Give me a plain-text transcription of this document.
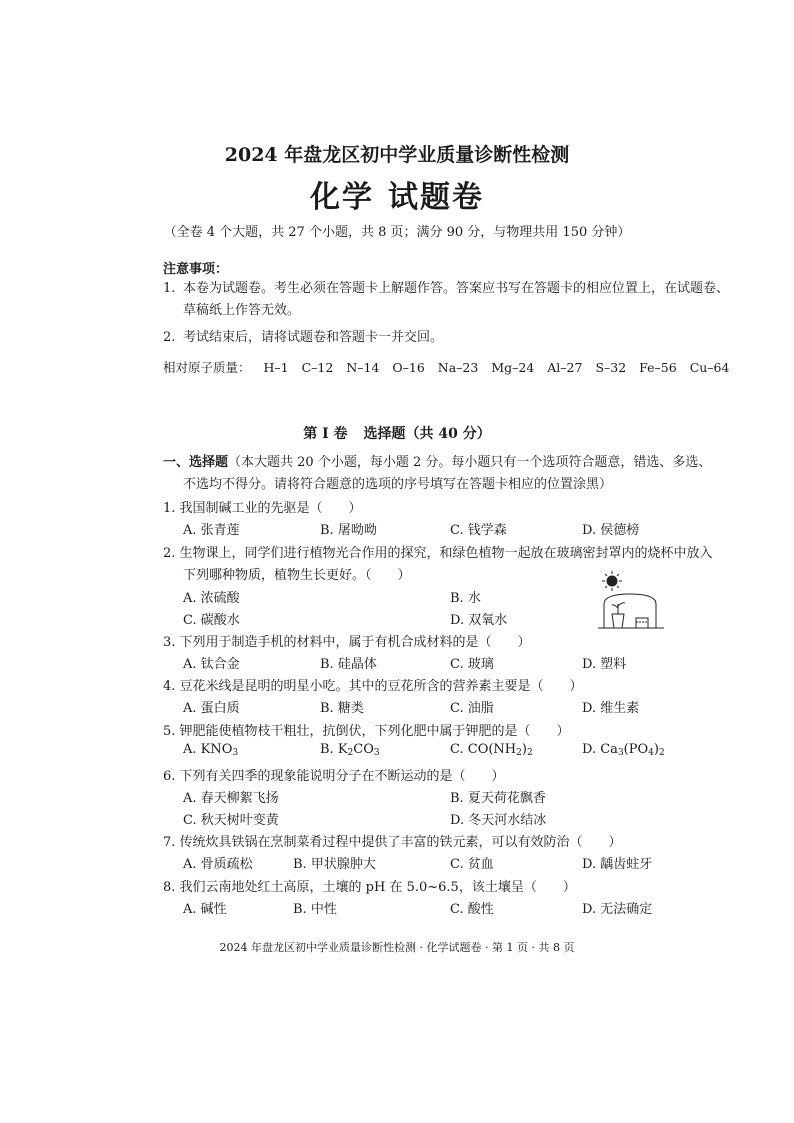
2024 年盘龙区初中学业质量诊断性检测
化学 试题卷
（全卷 4 个大题，共 27 个小题，共 8 页；满分 90 分，与物理共用 150 分钟）
注意事项：
1. 本卷为试题卷。考生必须在答题卡上解题作答。答案应书写在答题卡的相应位置上，在试题卷、
草稿纸上作答无效。
2. 考试结束后，请将试题卷和答题卡一并交回。
相对原子质量： H–1 C–12 N–14 O–16 Na–23 Mg–24 Al–27 S–32 Fe–56 Cu–64
第 I 卷 选择题（共 40 分）
一、选择题（本大题共 20 个小题，每小题 2 分。每小题只有一个选项符合题意，错选、多选、
不选均不得分。请将符合题意的选项的序号填写在答题卡相应的位置涂黑）
1. 我国制碱工业的先驱是（　　）
A. 张青莲	B. 屠呦呦	C. 钱学森	D. 侯德榜
2. 生物课上，同学们进行植物光合作用的探究，和绿色植物一起放在玻璃密封罩内的烧杯中放入
下列哪种物质，植物生长更好。（　　）
A. 浓硫酸	B. 水
C. 碳酸水	D. 双氧水
3. 下列用于制造手机的材料中，属于有机合成材料的是（　　）
A. 钛合金	B. 硅晶体	C. 玻璃	D. 塑料
4. 豆花米线是昆明的明星小吃。其中的豆花所含的营养素主要是（　　）
A. 蛋白质	B. 糖类	C. 油脂	D. 维生素
5. 钾肥能使植物枝干粗壮，抗倒伏，下列化肥中属于钾肥的是（　　）
A. $KNO_3$	B. $K_2CO_3$	C. $CO(NH_2)_2$	D. $Ca_3(PO_4)_2$
6. 下列有关四季的现象能说明分子在不断运动的是（　　）
A. 春天柳絮飞扬	B. 夏天荷花飘香
C. 秋天树叶变黄	D. 冬天河水结冰
7. 传统炊具铁锅在烹制菜肴过程中提供了丰富的铁元素，可以有效防治（　　）
A. 骨质疏松	B. 甲状腺肿大	C. 贫血	D. 龋齿蛀牙
8. 我们云南地处红土高原，土壤的 pH 在 5.0~6.5，该土壤呈（　　）
A. 碱性	B. 中性	C. 酸性	D. 无法确定
2024 年盘龙区初中学业质量诊断性检测 · 化学试题卷 · 第 1 页 · 共 8 页
